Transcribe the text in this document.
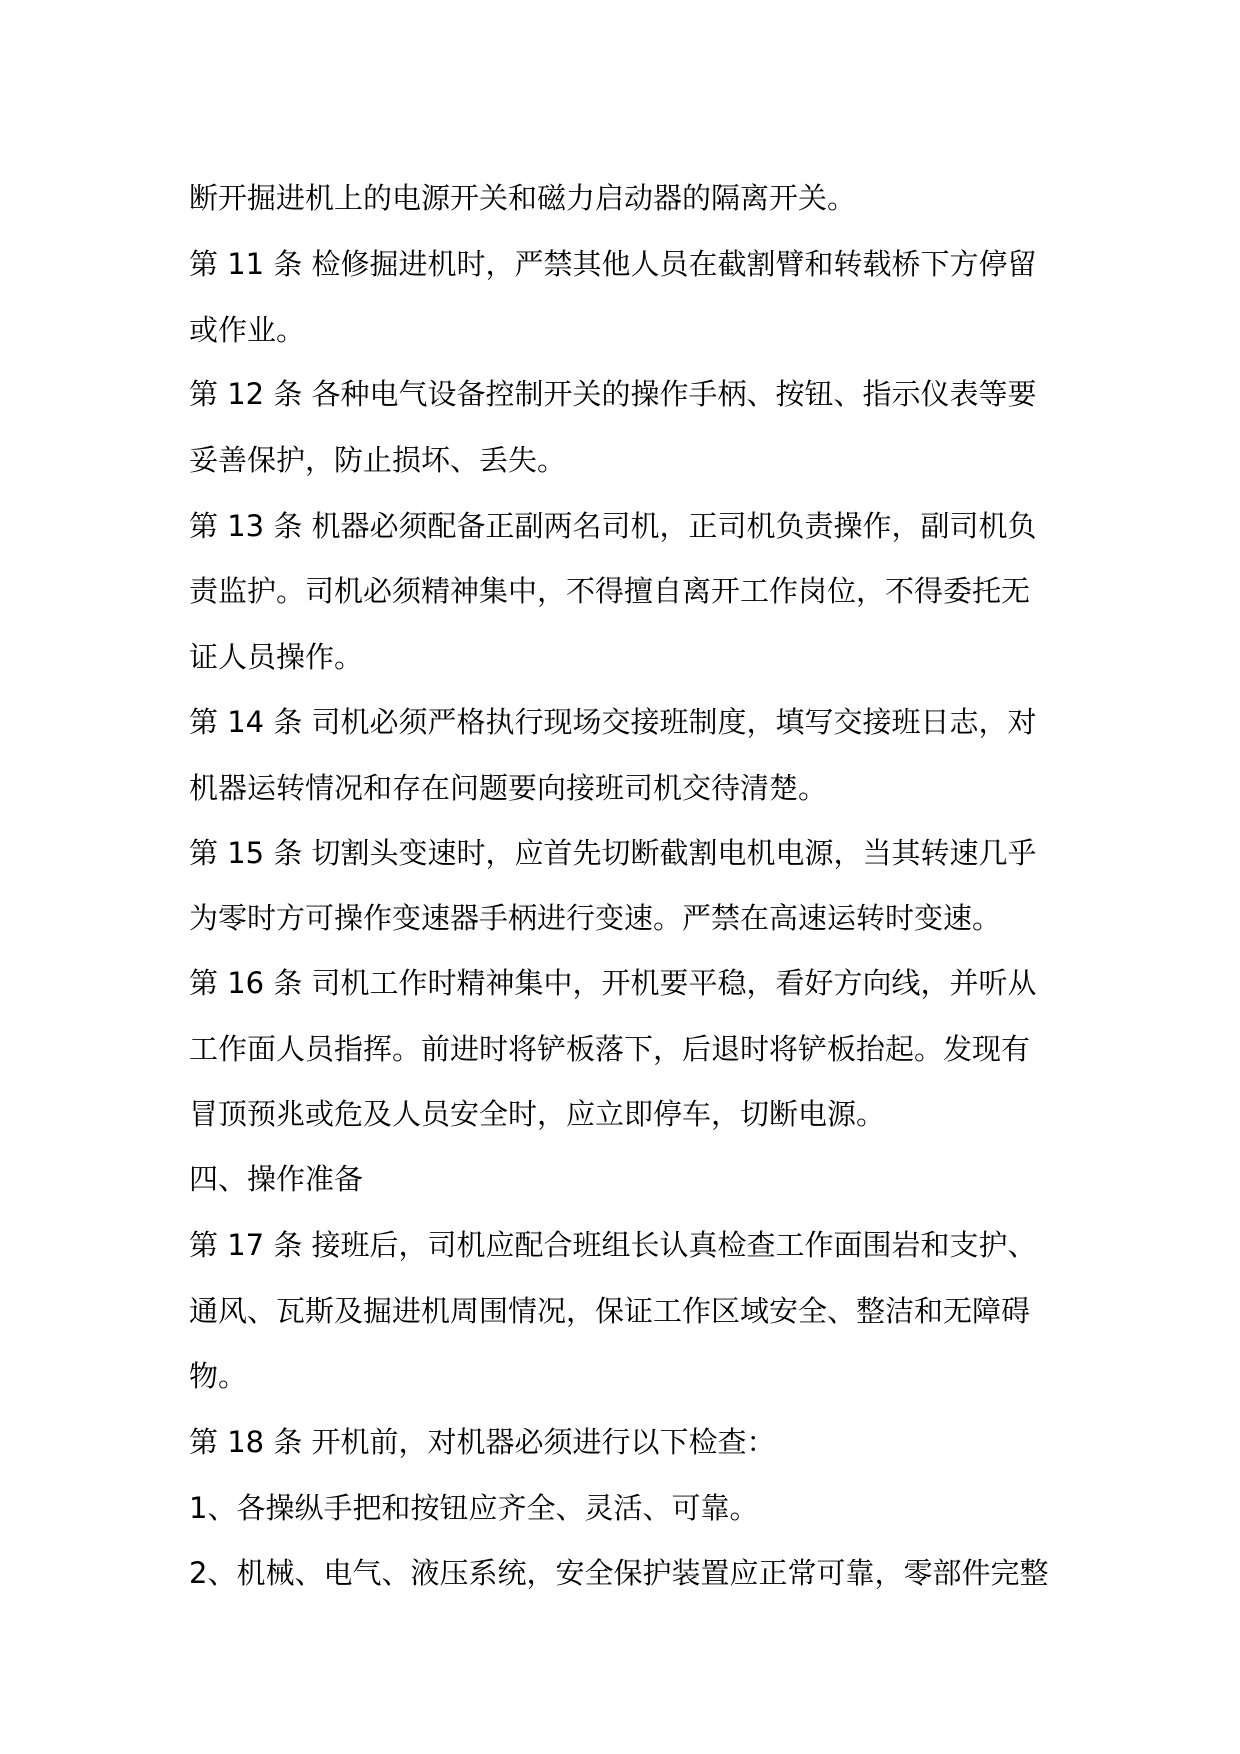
断开掘进机上的电源开关和磁力启动器的隔离开关。
第 11 条 检修掘进机时，严禁其他人员在截割臂和转载桥下方停留
或作业。
第 12 条 各种电气设备控制开关的操作手柄、按钮、指示仪表等要
妥善保护，防止损坏、丢失。
第 13 条 机器必须配备正副两名司机，正司机负责操作，副司机负
责监护。司机必须精神集中，不得擅自离开工作岗位，不得委托无
证人员操作。
第 14 条 司机必须严格执行现场交接班制度，填写交接班日志，对
机器运转情况和存在问题要向接班司机交待清楚。
第 15 条 切割头变速时，应首先切断截割电机电源，当其转速几乎
为零时方可操作变速器手柄进行变速。严禁在高速运转时变速。
第 16 条 司机工作时精神集中，开机要平稳，看好方向线，并听从
工作面人员指挥。前进时将铲板落下，后退时将铲板抬起。发现有
冒顶预兆或危及人员安全时，应立即停车，切断电源。
四、操作准备
第 17 条 接班后，司机应配合班组长认真检查工作面围岩和支护、
通风、瓦斯及掘进机周围情况，保证工作区域安全、整洁和无障碍
物。
第 18 条 开机前，对机器必须进行以下检查：
1、各操纵手把和按钮应齐全、灵活、可靠。
2、机械、电气、液压系统，安全保护装置应正常可靠，零部件完整
